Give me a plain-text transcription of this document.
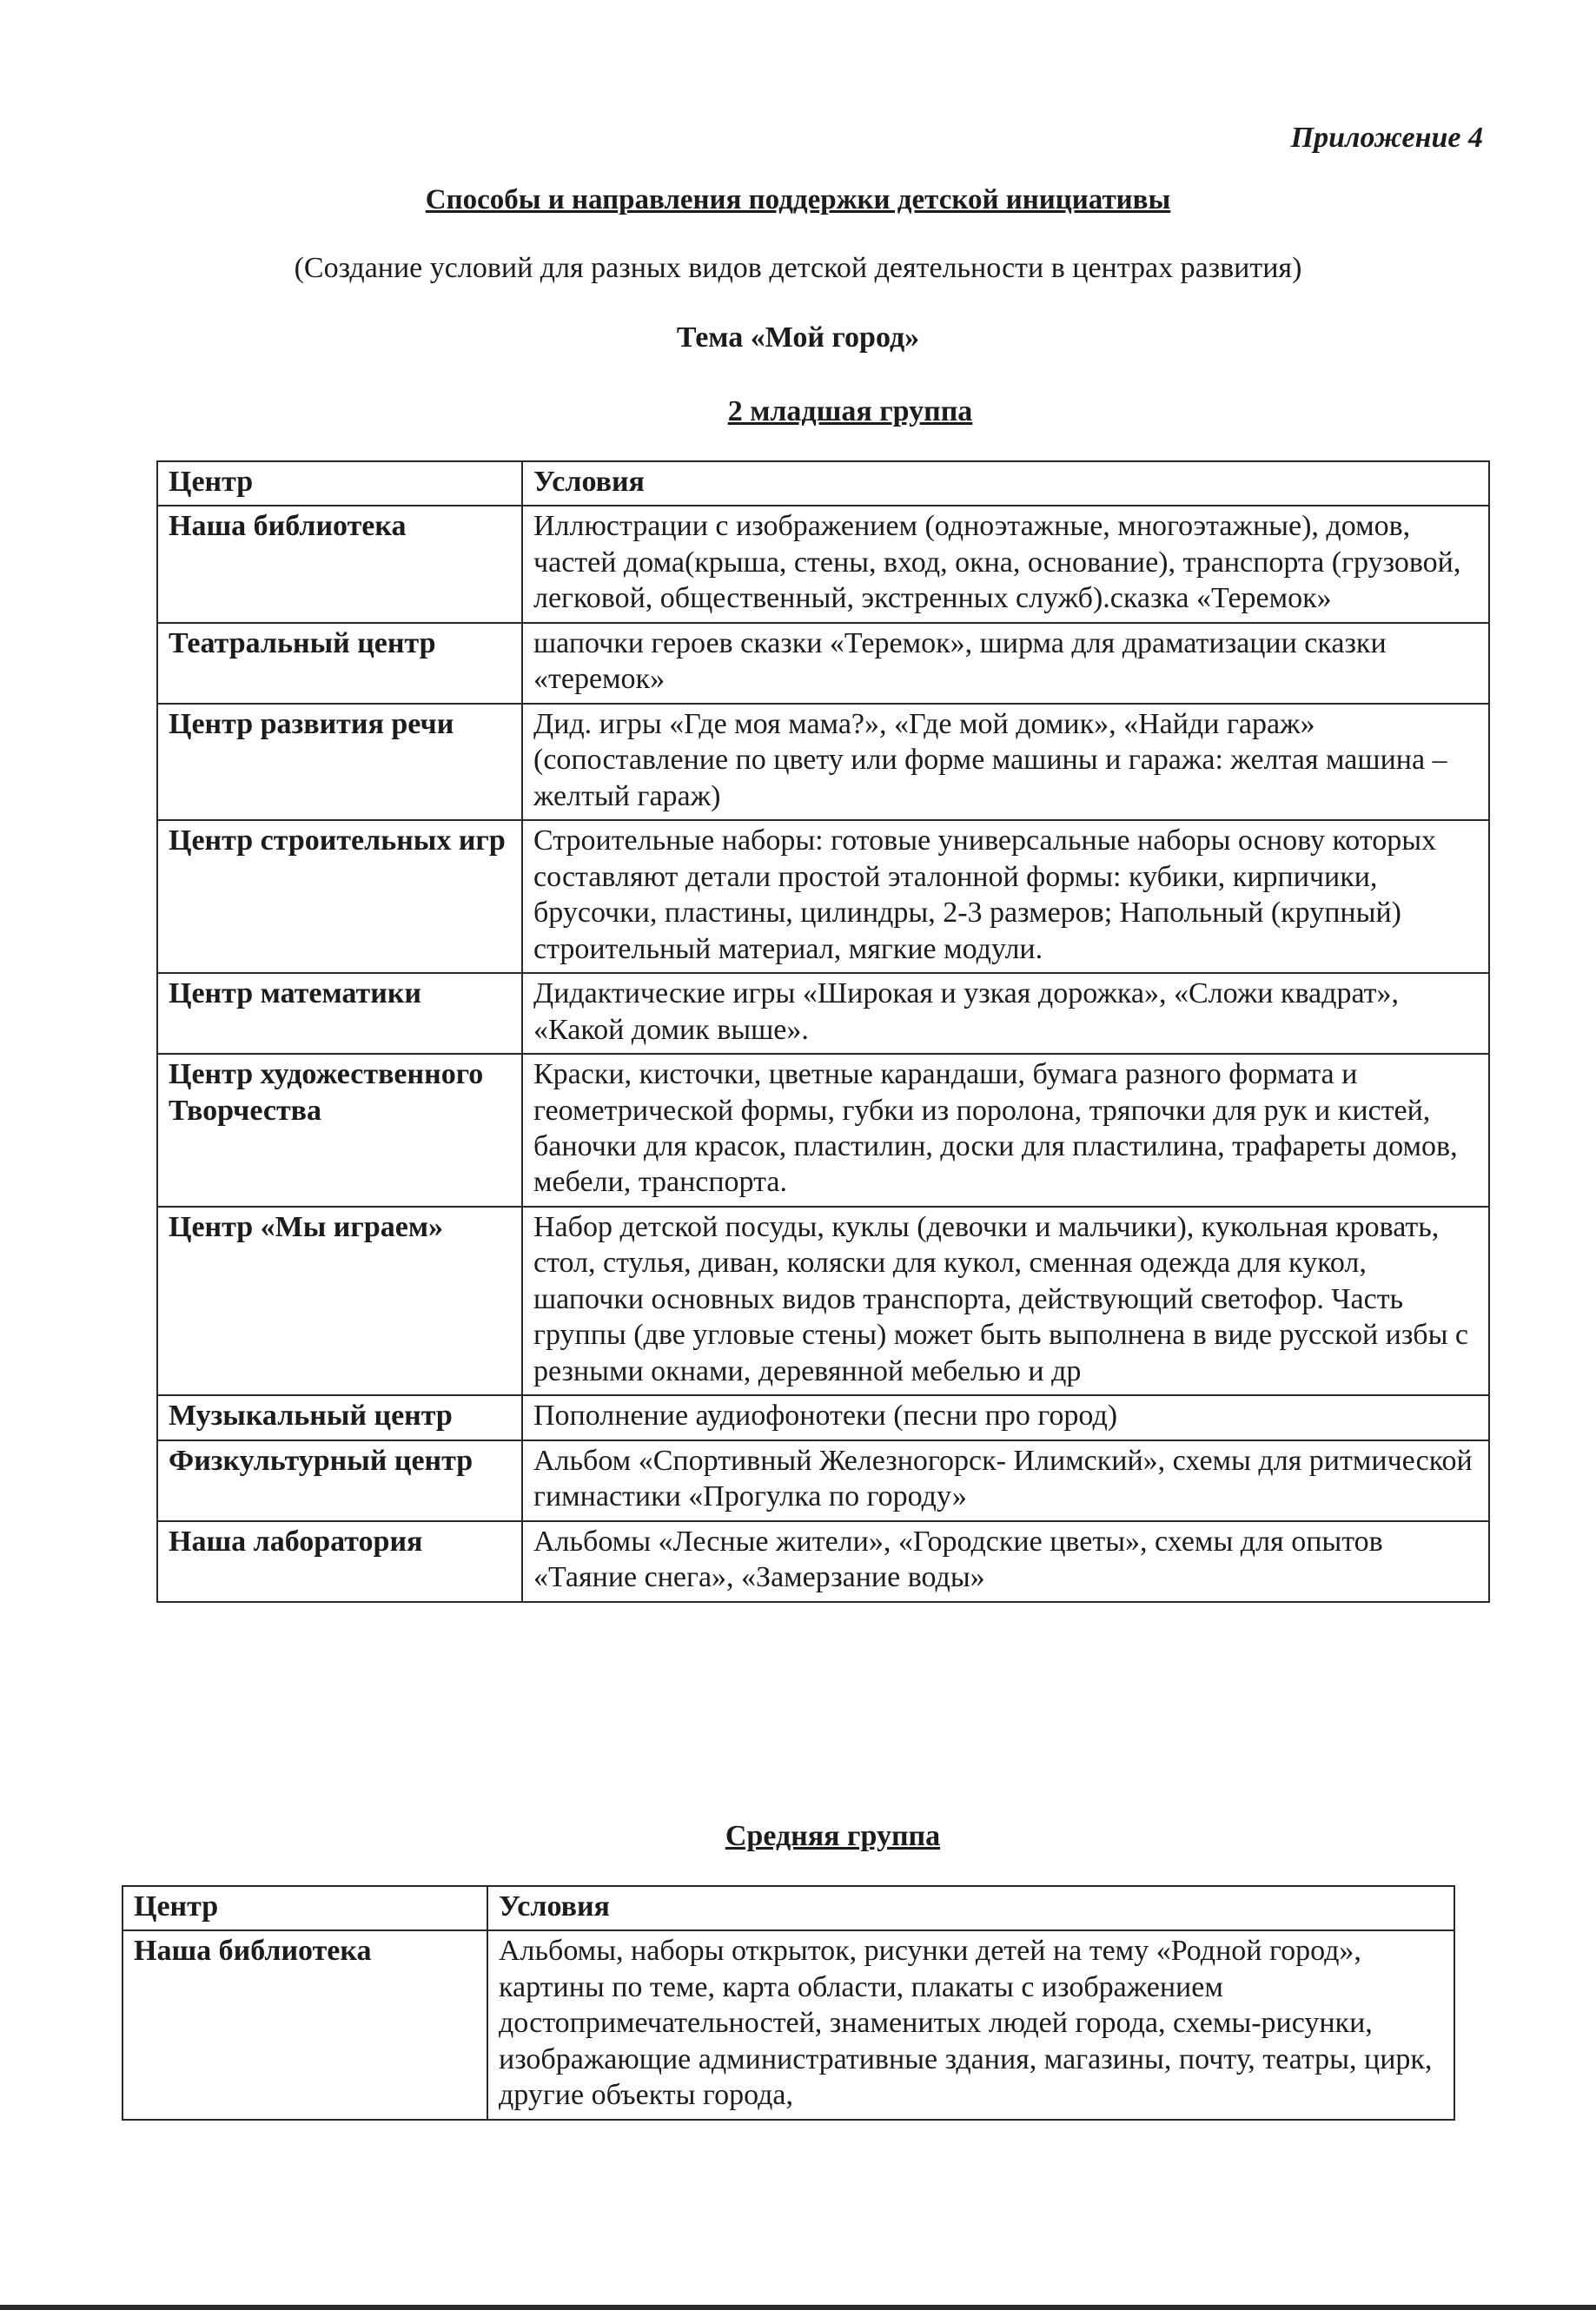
Приложение 4
Способы и направления поддержки детской инициативы
(Создание условий для разных видов детской деятельности в центрах развития)
Тема «Мой город»
2 младшая группа
Центр	Условия
Наша библиотека	Иллюстрации с изображением (одноэтажные, многоэтажные), домов, частей дома(крыша, стены, вход, окна, основание), транспорта (грузовой, легковой, общественный, экстренных служб).сказка «Теремок»
Театральный центр	шапочки героев сказки «Теремок», ширма для драматизации сказки «теремок»
Центр развития речи	Дид. игры «Где моя мама?», «Где мой домик», «Найди гараж» (сопоставление по цвету или форме машины и гаража: желтая машина – желтый гараж)
Центр строительных игр	Строительные наборы: готовые универсальные наборы основу которых составляют детали простой эталонной формы: кубики, кирпичики, брусочки, пластины, цилиндры, 2-3 размеров; Напольный (крупный) строительный материал, мягкие модули.
Центр математики	Дидактические игры «Широкая и узкая дорожка», «Сложи квадрат», «Какой домик выше».
Центр художественного Творчества	Краски, кисточки, цветные карандаши, бумага разного формата и геометрической формы, губки из поролона, тряпочки для рук и кистей, баночки для красок, пластилин, доски для пластилина, трафареты домов, мебели, транспорта.
Центр «Мы играем»	Набор детской посуды, куклы (девочки и мальчики), кукольная кровать, стол, стулья, диван, коляски для кукол, сменная одежда для кукол, шапочки основных видов транспорта, действующий светофор. Часть группы (две угловые стены) может быть выполнена в виде русской избы с резными окнами, деревянной мебелью и др
Музыкальный центр	Пополнение аудиофонотеки (песни про город)
Физкультурный центр	Альбом «Спортивный Железногорск- Илимский», схемы для ритмической гимнастики «Прогулка по городу»
Наша лаборатория	Альбомы «Лесные жители», «Городские цветы», схемы для опытов «Таяние снега», «Замерзание воды»
Средняя группа
Центр	Условия
Наша библиотека	Альбомы, наборы открыток, рисунки детей на тему «Родной город», картины по теме, карта области, плакаты с изображением достопримечательностей, знаменитых людей города, схемы-рисунки, изображающие административные здания, магазины, почту, театры, цирк, другие объекты города,
